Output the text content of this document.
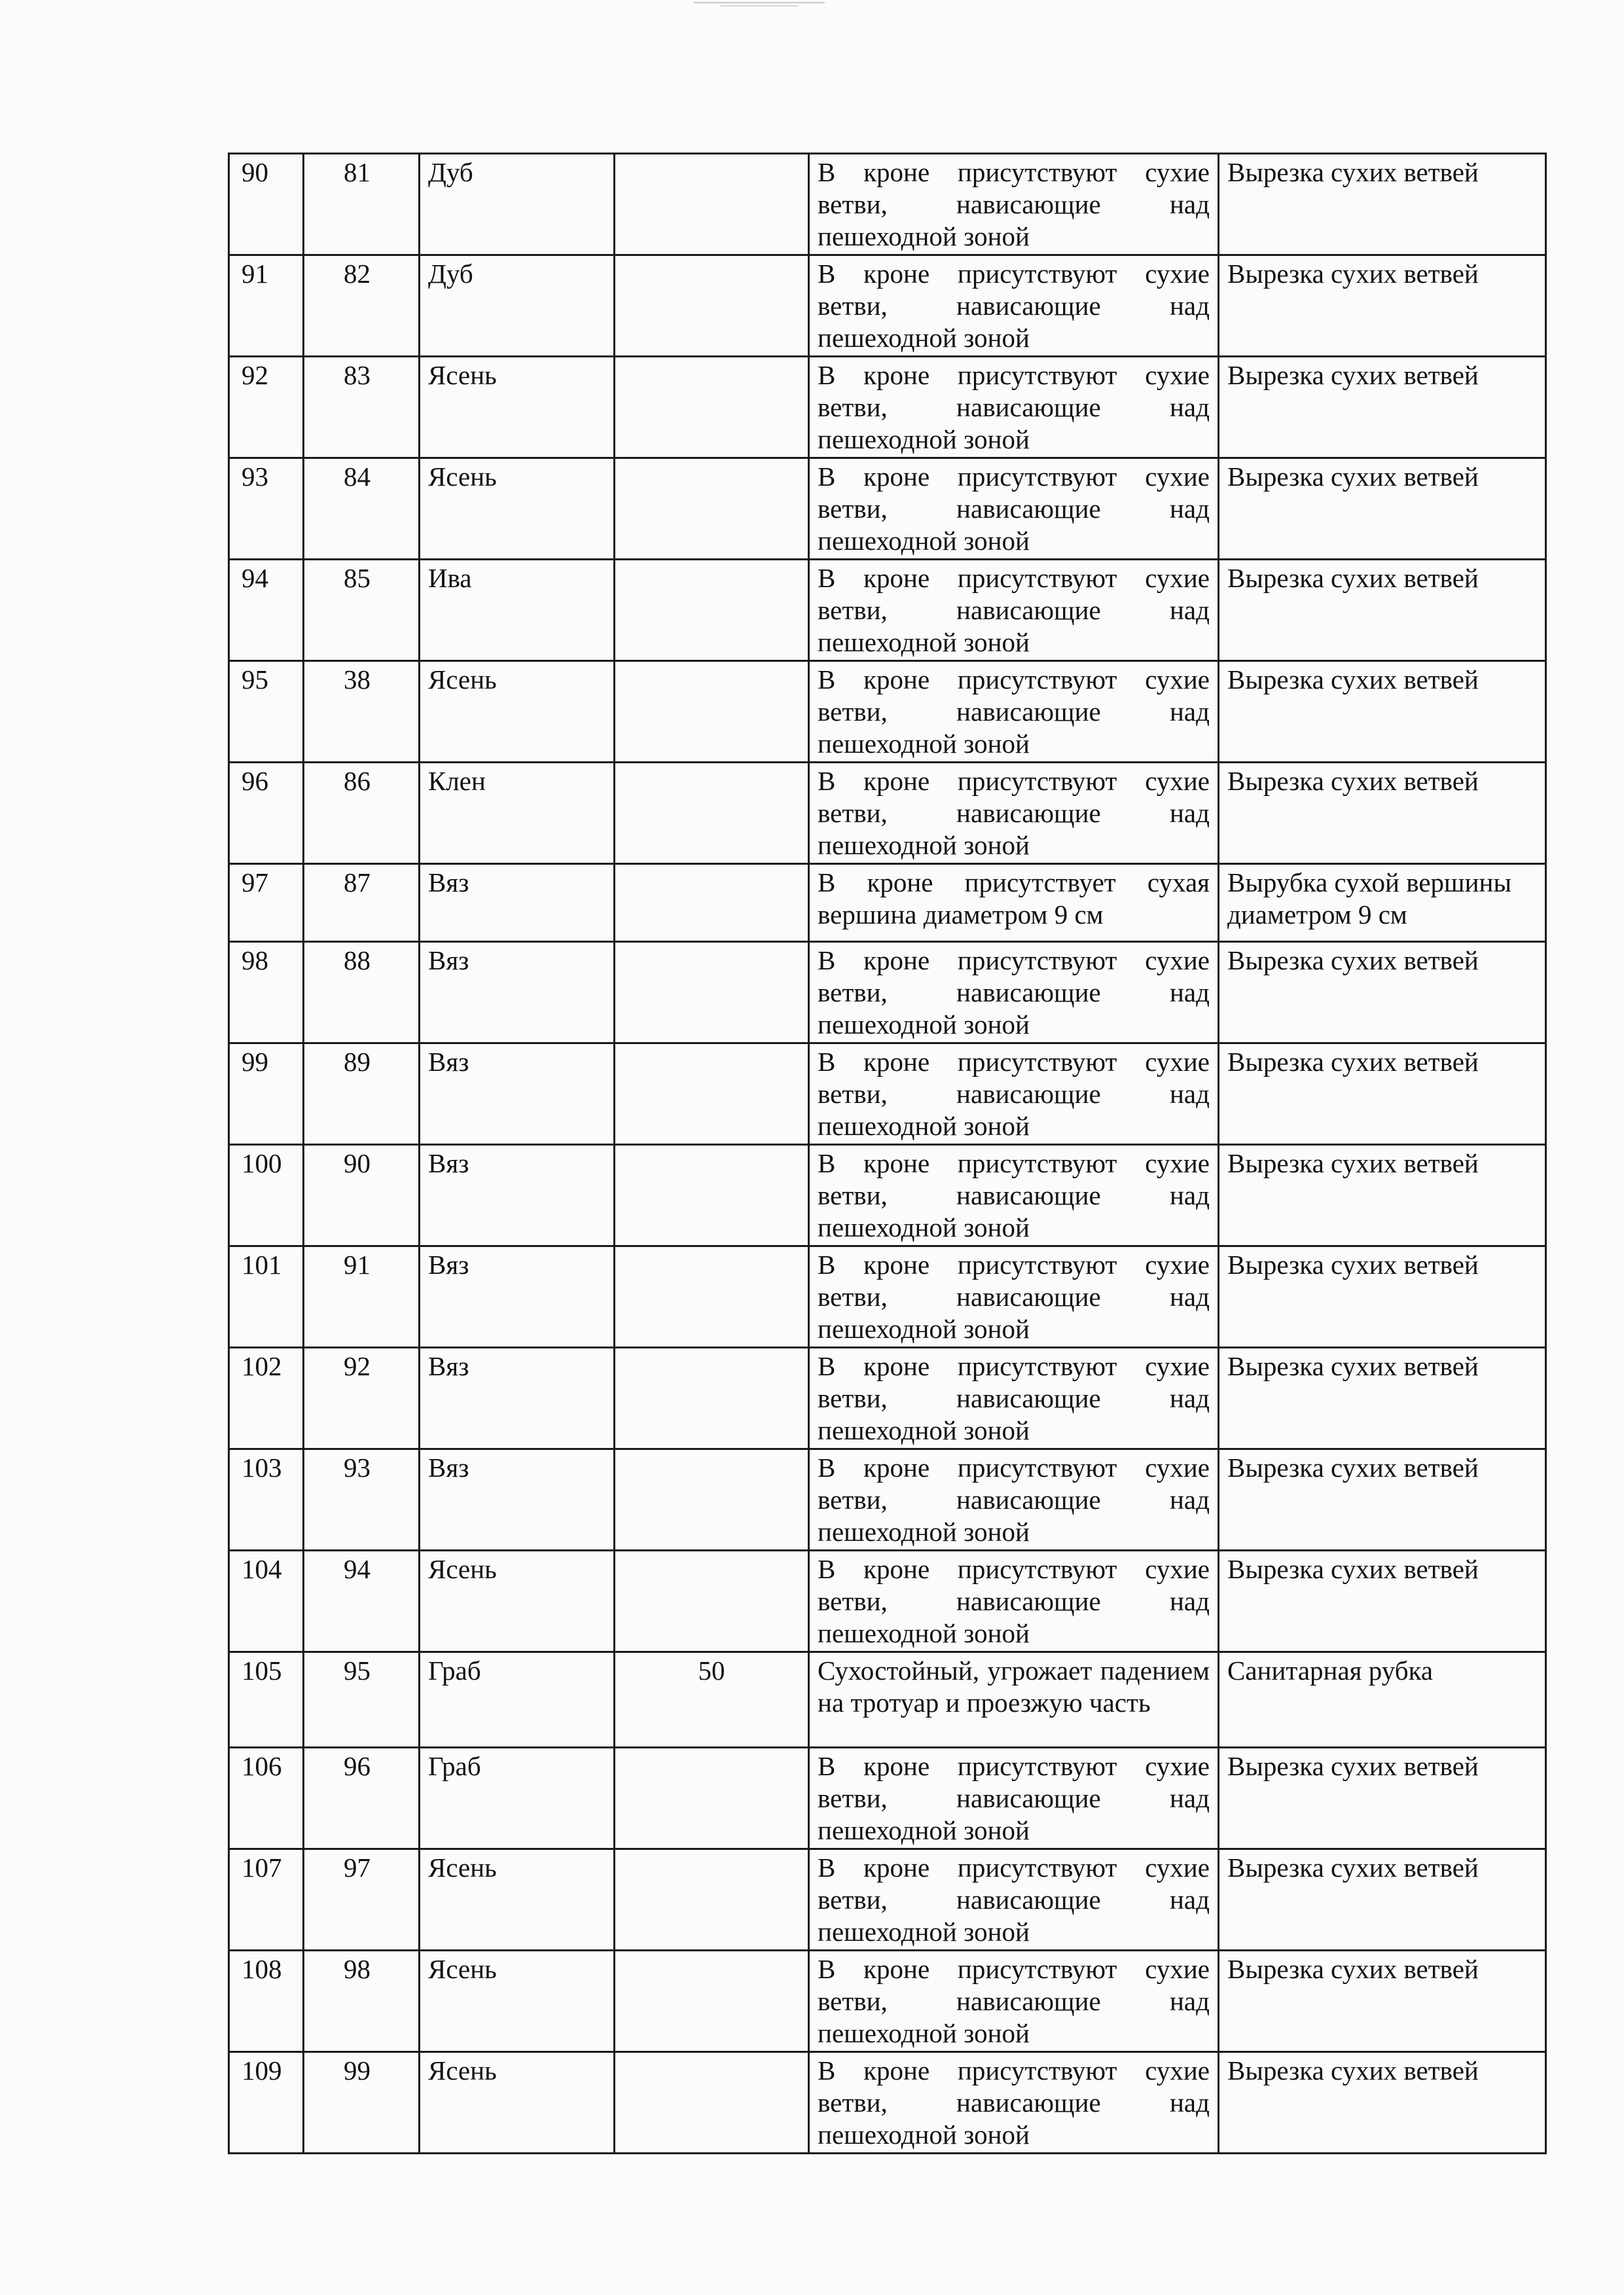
90	81	Дуб		В кроне присутствуют сухие ветви, нависающие над пешеходной зоной	Вырезка сухих ветвей
91	82	Дуб		В кроне присутствуют сухие ветви, нависающие над пешеходной зоной	Вырезка сухих ветвей
92	83	Ясень		В кроне присутствуют сухие ветви, нависающие над пешеходной зоной	Вырезка сухих ветвей
93	84	Ясень		В кроне присутствуют сухие ветви, нависающие над пешеходной зоной	Вырезка сухих ветвей
94	85	Ива		В кроне присутствуют сухие ветви, нависающие над пешеходной зоной	Вырезка сухих ветвей
95	38	Ясень		В кроне присутствуют сухие ветви, нависающие над пешеходной зоной	Вырезка сухих ветвей
96	86	Клен		В кроне присутствуют сухие ветви, нависающие над пешеходной зоной	Вырезка сухих ветвей
97	87	Вяз		В кроне присутствует сухая вершина диаметром 9 см	Вырубка сухой вершины диаметром 9 см
98	88	Вяз		В кроне присутствуют сухие ветви, нависающие над пешеходной зоной	Вырезка сухих ветвей
99	89	Вяз		В кроне присутствуют сухие ветви, нависающие над пешеходной зоной	Вырезка сухих ветвей
100	90	Вяз		В кроне присутствуют сухие ветви, нависающие над пешеходной зоной	Вырезка сухих ветвей
101	91	Вяз		В кроне присутствуют сухие ветви, нависающие над пешеходной зоной	Вырезка сухих ветвей
102	92	Вяз		В кроне присутствуют сухие ветви, нависающие над пешеходной зоной	Вырезка сухих ветвей
103	93	Вяз		В кроне присутствуют сухие ветви, нависающие над пешеходной зоной	Вырезка сухих ветвей
104	94	Ясень		В кроне присутствуют сухие ветви, нависающие над пешеходной зоной	Вырезка сухих ветвей
105	95	Граб	50	Сухостойный, угрожает падением на тротуар и проезжую часть	Санитарная рубка
106	96	Граб		В кроне присутствуют сухие ветви, нависающие над пешеходной зоной	Вырезка сухих ветвей
107	97	Ясень		В кроне присутствуют сухие ветви, нависающие над пешеходной зоной	Вырезка сухих ветвей
108	98	Ясень		В кроне присутствуют сухие ветви, нависающие над пешеходной зоной	Вырезка сухих ветвей
109	99	Ясень		В кроне присутствуют сухие ветви, нависающие над пешеходной зоной	Вырезка сухих ветвей
